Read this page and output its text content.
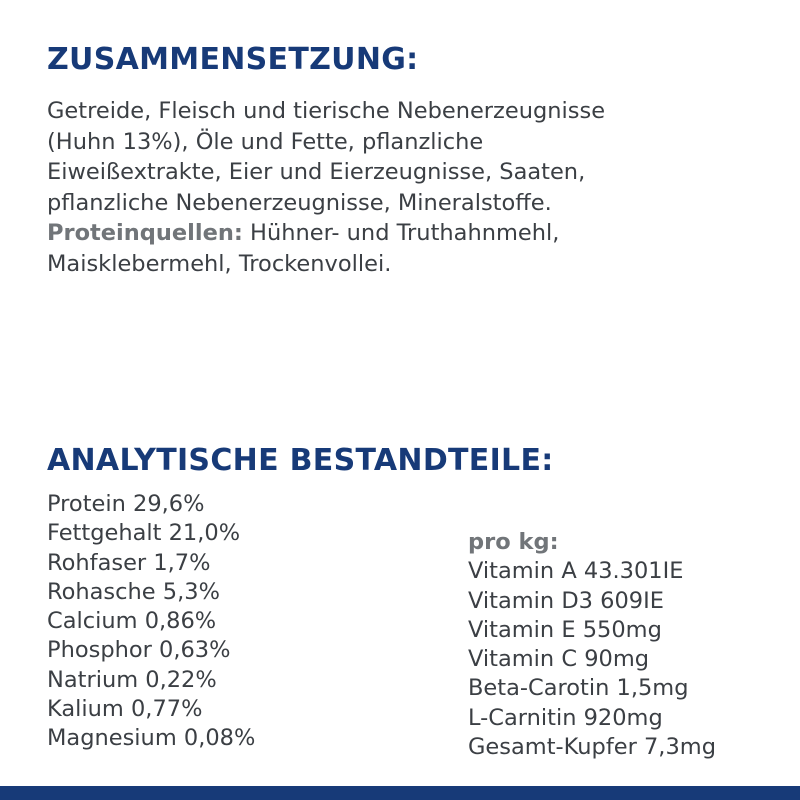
ZUSAMMENSETZUNG:
Getreide, Fleisch und tierische Nebenerzeugnisse
(Huhn 13%), Öle und Fette, pflanzliche
Eiweißextrakte, Eier und Eierzeugnisse, Saaten,
pflanzliche Nebenerzeugnisse, Mineralstoffe.
Proteinquellen: Hühner- und Truthahnmehl,
Maisklebermehl, Trockenvollei.
ANALYTISCHE BESTANDTEILE:
Protein 29,6%
Fettgehalt 21,0%
Rohfaser 1,7%
Rohasche 5,3%
Calcium 0,86%
Phosphor 0,63%
Natrium 0,22%
Kalium 0,77%
Magnesium 0,08%
pro kg:
Vitamin A 43.301IE
Vitamin D3 609IE
Vitamin E 550mg
Vitamin C 90mg
Beta-Carotin 1,5mg
L-Carnitin 920mg
Gesamt-Kupfer 7,3mg
